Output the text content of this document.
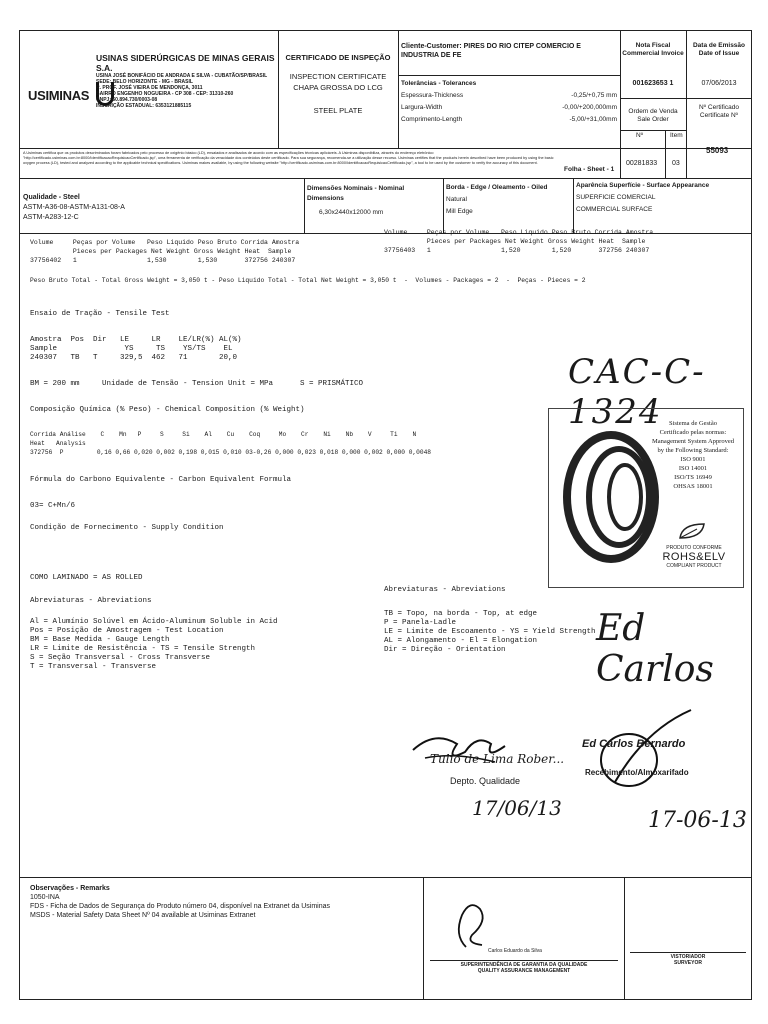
USIMINAS
USINAS SIDERÚRGICAS DE MINAS GERAIS S.A.
USINA JOSÉ BONIFÁCIO DE ANDRADA E SILVA - CUBATÃO/SP/BRASIL
SEDE: BELO HORIZONTE - MG - BRASIL
R. PROF. JOSÉ VIEIRA DE MENDONÇA, 3011
BAIRRO ENGENHO NOGUEIRA - CP 308 - CEP: 31310-260
CNPJ: 60.894.730/0003-08
INSCRIÇÃO ESTADUAL: 6353121885115
CERTIFICADO DE INSPEÇÃO
INSPECTION CERTIFICATE
CHAPA GROSSA DO LCG
STEEL PLATE
Cliente-Customer: PIRES DO RIO CITEP COMERCIO E INDUSTRIA DE FE
Tolerâncias - Tolerances
Espessura-Thickness	-0,25/+0,75 mm
Largura-Width	-0,00/+200,000mm
Comprimento-Length	-5,00/+31,00mm
Nota Fiscal Commercial Invoice
001623653 1
Data de Emissão Date of Issue
07/06/2013
Ordem de Venda Sale Order
Nº Certificado Certificate Nº
Nº	Item
00281833 03
55093
A Usiminas certifica que os produtos descriminados foram fabricados pelo processo de oxigênio básico (LD), ensaiados e analisados de acordo com as especificações técnicas aplicáveis. A Usiminas disponibiliza, através do endereço eletrônico "http://certificado.usiminas.com.br:8000/IdentificacaoRequisicaoCertificado.jsp", uma ferramenta de verificação da veracidade dos conteúdos deste certificado. Para sua segurança, recomenda-se a utilização desse recurso. Usiminas certifies that the products herein described have been produced by using the basic oxygen process (LD), tested and analyzed according to the applicable technical specifications. Usiminas makes available, by using the following website "http://certificado.usiminas.com.br:8000/IdentificacaoRequisicaoCertificado.jsp", a tool to be used by the customer to verify the accuracy of this document.
Folha - Sheet - 1
Qualidade - Steel
ASTM-A36-08-ASTM-A131-08-A
ASTM-A283-12-C
Dimensões Nominais - Nominal Dimensions
6,30x2440x12000 mm
Borda - Edge / Oleamento - Oiled
Natural
Mill Edge
Aparência Superfície - Surface Appearance
SUPERFICIE COMERCIAL
COMMERCIAL SURFACE
Volume     Peças por Volume   Peso Liquido Peso Bruto Corrida Amostra
Pieces per Packages Net Weight Gross Weight Heat  Sample
37756402   1                  1,530        1,530       372756 240307
Volume     Peças por Volume   Peso Liquido Peso Bruto Corrida Amostra
Pieces per Packages Net Weight Gross Weight Heat  Sample
37756403   1                  1,520        1,520       372756 240307
Peso Bruto Total - Total Gross Weight = 3,050 t - Peso Liquido Total - Total Net Weight = 3,050 t  -  Volumes - Packages = 2  -  Peças - Pieces = 2
Ensaio de Tração - Tensile Test
Amostra  Pos  Dir   LE     LR    LE/LR(%) AL(%)
Sample               YS     TS    YS/TS    EL
240307   TB   T     329,5  462   71       20,0
BM = 200 mm     Unidade de Tensão - Tension Unit = MPa      S = PRISMÁTICO
Composição Química (% Peso) - Chemical Composition (% Weight)
Corrida Análise    C    Mn   P     S     Si    Al    Cu    Coq     Mo    Cr    Ni    Nb    V     Ti    N
Heat   Analysis
372756  P         0,16 0,66 0,020 0,002 0,198 0,015 0,010 03-0,26 0,000 0,023 0,018 0,000 0,002 0,000 0,0048
Fórmula do Carbono Equivalente - Carbon Equivalent Formula
03= C+Mn/6
Condição de Fornecimento - Supply Condition
COMO LAMINADO = AS ROLLED
Abreviaturas - Abreviations
Al = Alumínio Solúvel em Ácido-Aluminum Soluble in Acid
Pos = Posição de Amostragem - Test Location
BM = Base Medida - Gauge Length
LR = Limite de Resistência - TS = Tensile Strength
S = Seção Transversal - Cross Transverse
T = Transversal - Transverse
Abreviaturas - Abreviations
TB = Topo, na borda - Top, at edge
P = Panela-Ladle
LE = Limite de Escoamento - YS = Yield Strength
AL = Alongamento - El = Elongation
Dir = Direção - Orientation
CAC-C-1324 Sistema de Gestão
Certificado pelas normas:
Management System Approved
by the Following Standard:
ISO 9001
ISO 14001
ISO/TS 16949
OHSAS 18001
PRODUTO CONFORME
ROHS&ELV
COMPLIANT PRODUCT
Ed Carlos
Tulio de Lima Rober...
Depto. Qualidade
17/06/13
Ed Carlos Bernardo
Recebimento/Almoxarifado
17-06-13
Observações - Remarks
1050-INA
FDS - Ficha de Dados de Segurança do Produto número 04, disponível na Extranet da Usiminas
MSDS - Material Safety Data Sheet Nº 04 available at Usiminas Extranet
Carlos Eduardo da Silva
SUPERINTENDÊNCIA DE GARANTIA DA QUALIDADE
QUALITY ASSURANCE MANAGEMENT
VISTORIADOR
SURVEYOR
